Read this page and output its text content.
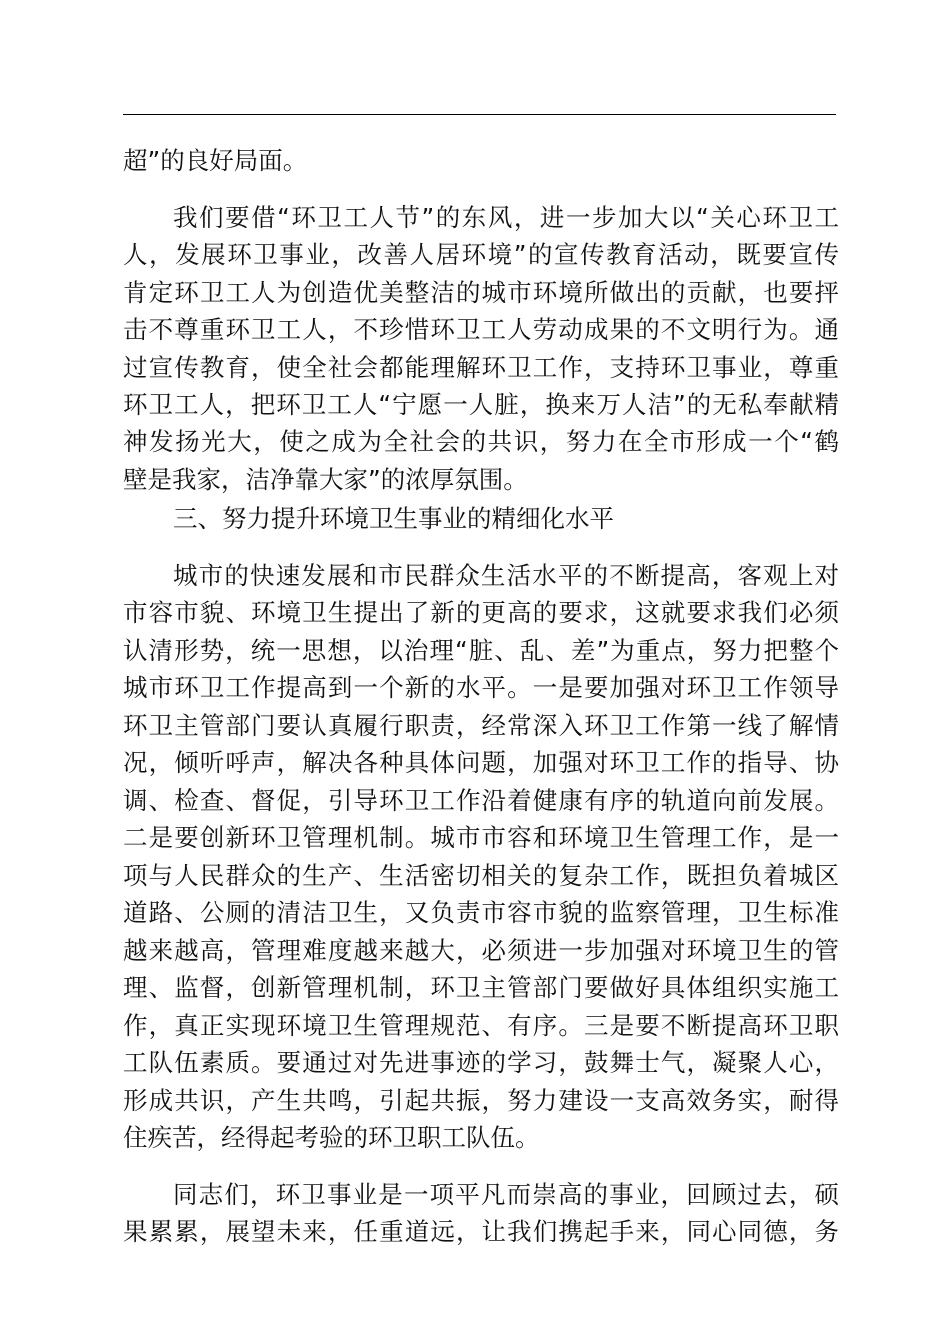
超”的良好局面。
我们要借“环卫工人节”的东风，进一步加大以“关心环卫工
人，发展环卫事业，改善人居环境”的宣传教育活动，既要宣传
肯定环卫工人为创造优美整洁的城市环境所做出的贡献，也要抨
击不尊重环卫工人，不珍惜环卫工人劳动成果的不文明行为。通
过宣传教育，使全社会都能理解环卫工作，支持环卫事业，尊重
环卫工人，把环卫工人“宁愿一人脏，换来万人洁”的无私奉献精
神发扬光大，使之成为全社会的共识，努力在全市形成一个“鹤
壁是我家，洁净靠大家”的浓厚氛围。
三、努力提升环境卫生事业的精细化水平
城市的快速发展和市民群众生活水平的不断提高，客观上对
市容市貌、环境卫生提出了新的更高的要求，这就要求我们必须
认清形势，统一思想，以治理“脏、乱、差”为重点，努力把整个
城市环卫工作提高到一个新的水平。一是要加强对环卫工作领导
环卫主管部门要认真履行职责，经常深入环卫工作第一线了解情
况，倾听呼声，解决各种具体问题，加强对环卫工作的指导、协
调、检查、督促，引导环卫工作沿着健康有序的轨道向前发展。
二是要创新环卫管理机制。城市市容和环境卫生管理工作，是一
项与人民群众的生产、生活密切相关的复杂工作，既担负着城区
道路、公厕的清洁卫生，又负责市容市貌的监察管理，卫生标准
越来越高，管理难度越来越大，必须进一步加强对环境卫生的管
理、监督，创新管理机制，环卫主管部门要做好具体组织实施工
作，真正实现环境卫生管理规范、有序。三是要不断提高环卫职
工队伍素质。要通过对先进事迹的学习，鼓舞士气，凝聚人心，
形成共识，产生共鸣，引起共振，努力建设一支高效务实，耐得
住疾苦，经得起考验的环卫职工队伍。
同志们，环卫事业是一项平凡而崇高的事业，回顾过去，硕
果累累，展望未来，任重道远，让我们携起手来，同心同德，务
